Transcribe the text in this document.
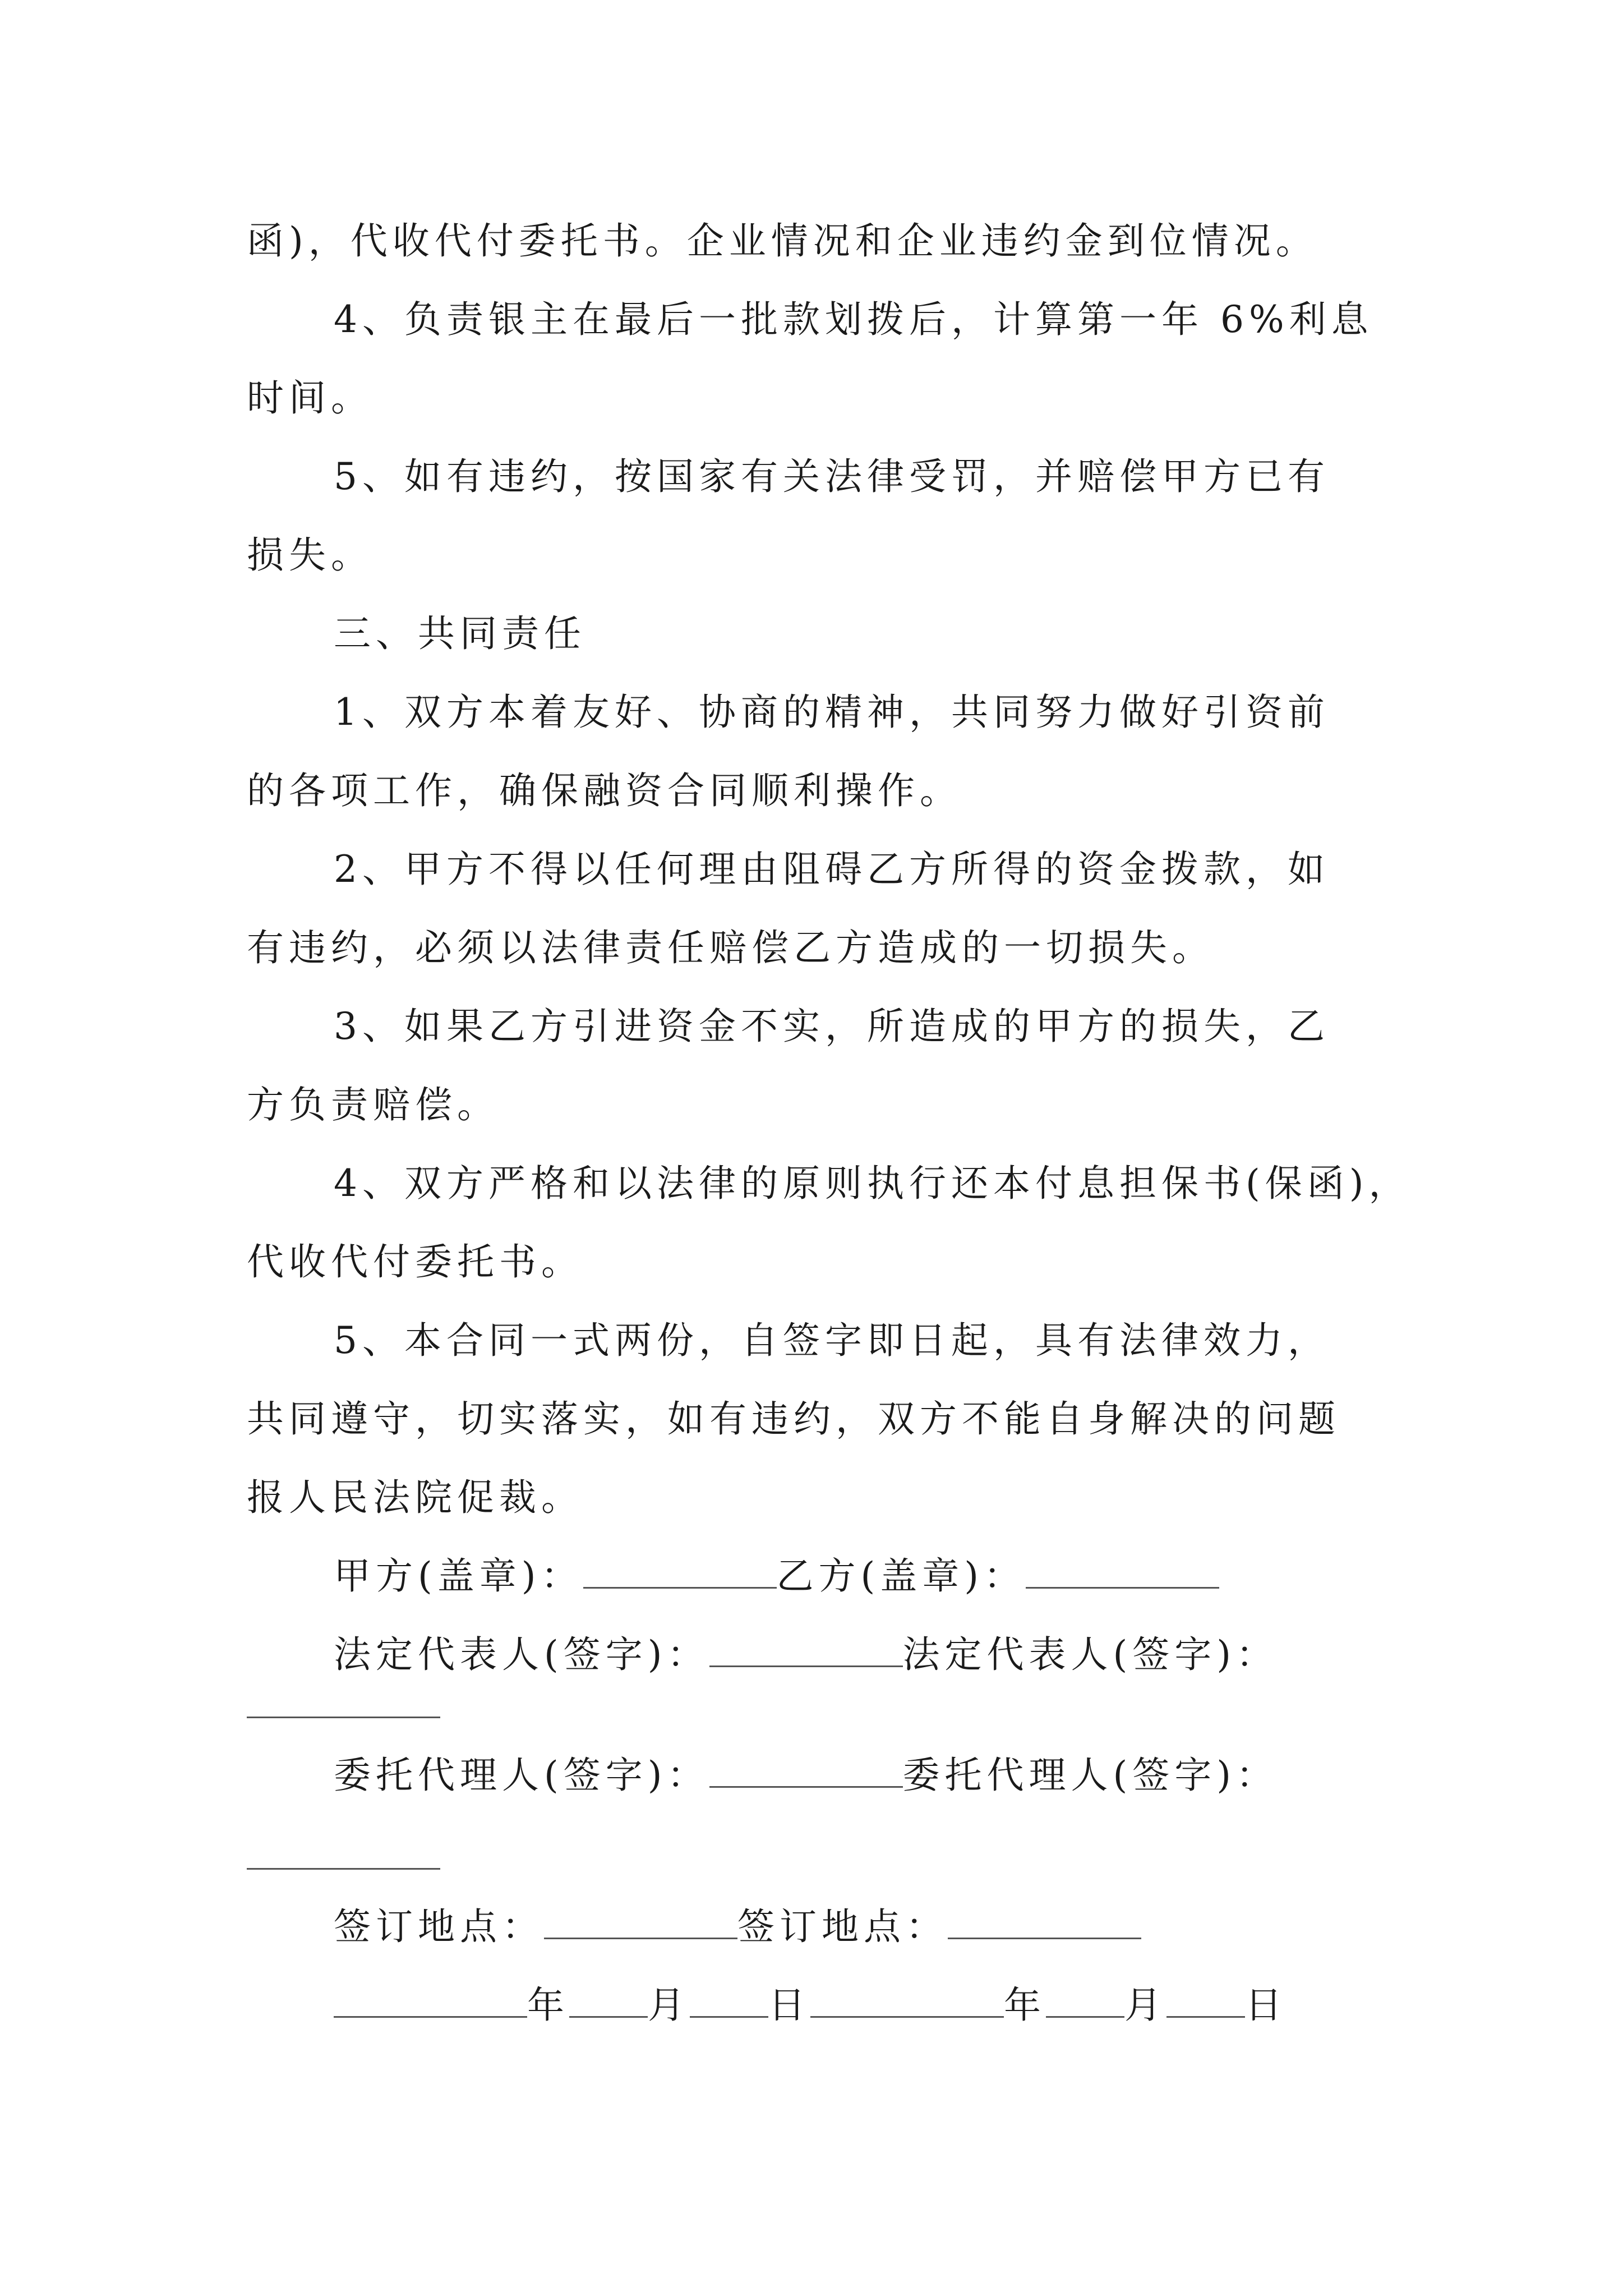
函)，代收代付委托书。企业情况和企业违约金到位情况。
4、负责银主在最后一批款划拨后，计算第一年 6%利息
时间。
5、如有违约，按国家有关法律受罚，并赔偿甲方已有
损失。
三、共同责任
1、双方本着友好、协商的精神，共同努力做好引资前
的各项工作，确保融资合同顺利操作。
2、甲方不得以任何理由阻碍乙方所得的资金拨款，如
有违约，必须以法律责任赔偿乙方造成的一切损失。
3、如果乙方引进资金不实，所造成的甲方的损失，乙
方负责赔偿。
4、双方严格和以法律的原则执行还本付息担保书(保函)，
代收代付委托书。
5、本合同一式两份，自签字即日起，具有法律效力，
共同遵守，切实落实，如有违约，双方不能自身解决的问题
报人民法院促裁。
甲方(盖章)：	乙方(盖章)：
法定代表人(签字)：	法定代表人(签字)：
委托代理人(签字)：	委托代理人(签字)：
签订地点：	签订地点：
年 月 日	年 月 日
